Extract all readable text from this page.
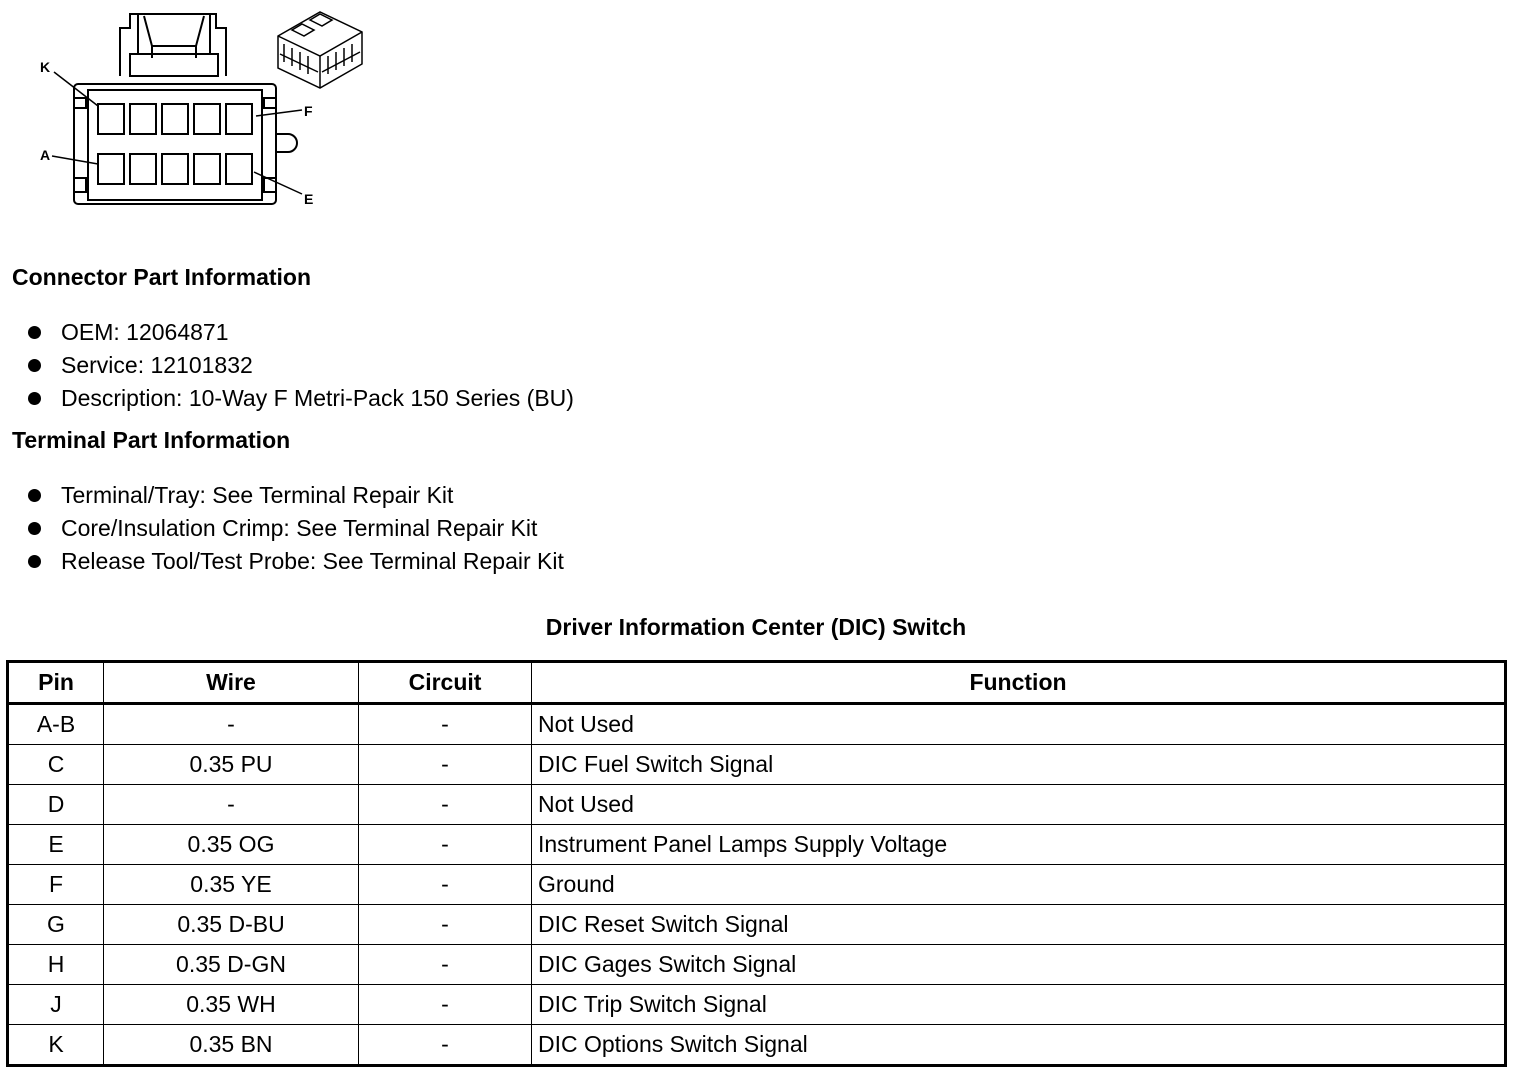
K
F
A
E
Connector Part Information
OEM: 12064871
Service: 12101832
Description: 10-Way F Metri-Pack 150 Series (BU)
Terminal Part Information
Terminal/Tray: See Terminal Repair Kit
Core/Insulation Crimp: See Terminal Repair Kit
Release Tool/Test Probe: See Terminal Repair Kit
Driver Information Center (DIC) Switch
Pin	Wire	Circuit	Function
A-B	-	-	Not Used
C	0.35 PU	-	DIC Fuel Switch Signal
D	-	-	Not Used
E	0.35 OG	-	Instrument Panel Lamps Supply Voltage
F	0.35 YE	-	Ground
G	0.35 D-BU	-	DIC Reset Switch Signal
H	0.35 D-GN	-	DIC Gages Switch Signal
J	0.35 WH	-	DIC Trip Switch Signal
K	0.35 BN	-	DIC Options Switch Signal
